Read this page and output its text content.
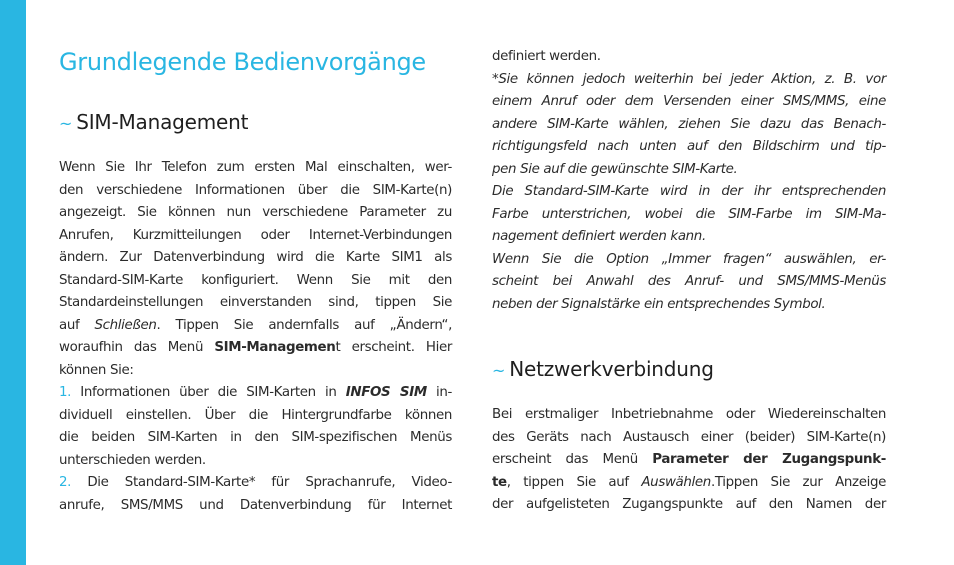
Grundlegende Bedienvorgänge
~ SIM-Management

Wenn Sie Ihr Telefon zum ersten Mal einschalten, wer-

den verschiedene Informationen über die SIM-Karte(n)

angezeigt. Sie können nun verschiedene Parameter zu

Anrufen, Kurzmitteilungen oder Internet-Verbindungen

ändern. Zur Datenverbindung wird die Karte SIM1 als

Standard-SIM-Karte konfiguriert. Wenn Sie mit den

Standardeinstellungen einverstanden sind, tippen Sie

auf Schließen. Tippen Sie andernfalls auf „Ändern“,

woraufhin das Menü SIM-Management erscheint. Hier

können Sie:

1. Informationen über die SIM-Karten in INFOS SIM in-

dividuell einstellen. Über die Hintergrundfarbe können

die beiden SIM-Karten in den SIM-spezifischen Menüs

unterschieden werden.

2. Die Standard-SIM-Karte* für Sprachanrufe, Video-

anrufe, SMS/MMS und Datenverbindung für Internet

definiert werden.

*Sie können jedoch weiterhin bei jeder Aktion, z. B. vor

einem Anruf oder dem Versenden einer SMS/MMS, eine

andere SIM-Karte wählen, ziehen Sie dazu das Benach-

richtigungsfeld nach unten auf den Bildschirm und tip-

pen Sie auf die gewünschte SIM-Karte.

Die Standard-SIM-Karte wird in der ihr entsprechenden

Farbe unterstrichen, wobei die SIM-Farbe im SIM-Ma-

nagement definiert werden kann.

Wenn Sie die Option „Immer fragen“ auswählen, er-

scheint bei Anwahl des Anruf- und SMS/MMS-Menüs

neben der Signalstärke ein entsprechendes Symbol.

~ Netzwerkverbindung

Bei erstmaliger Inbetriebnahme oder Wiedereinschalten

des Geräts nach Austausch einer (beider) SIM-Karte(n)

erscheint das Menü Parameter der Zugangspunk-

te, tippen Sie auf Auswählen.Tippen Sie zur Anzeige

der aufgelisteten Zugangspunkte auf den Namen der
